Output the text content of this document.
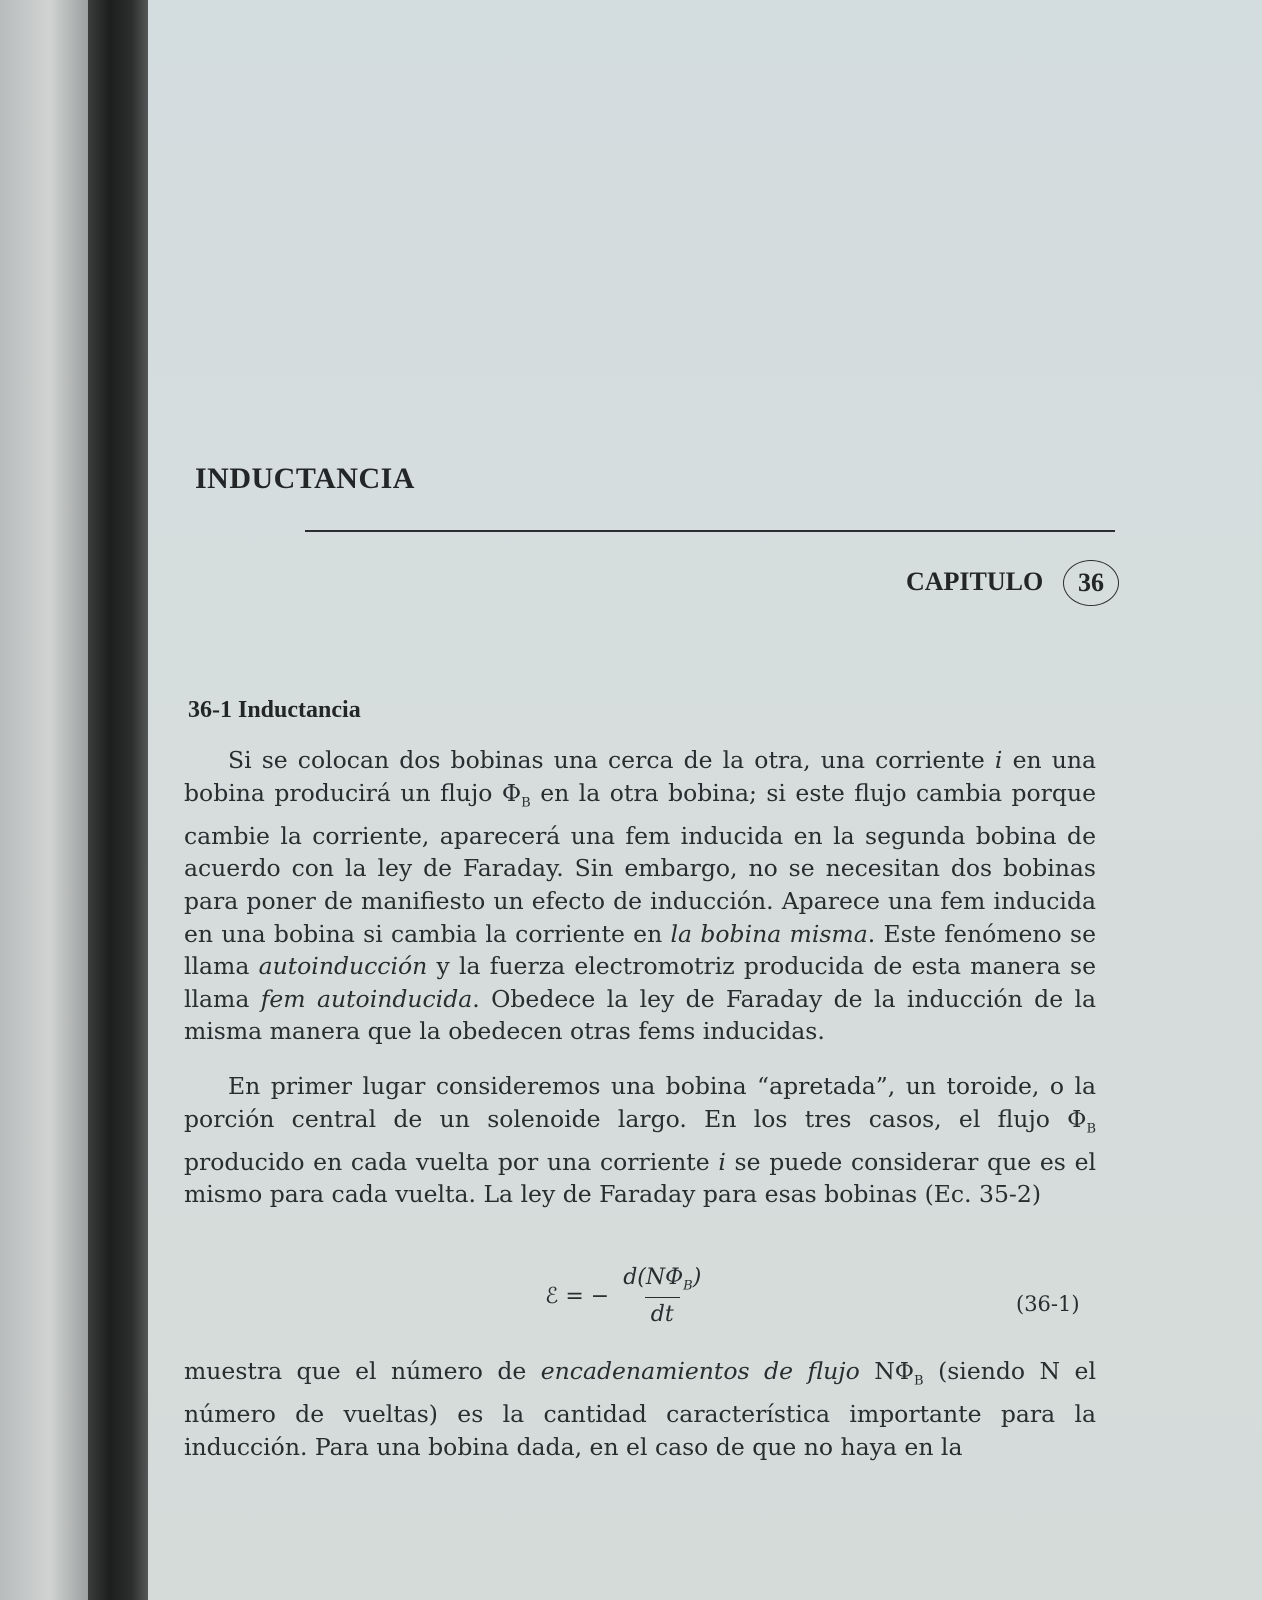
INDUCTANCIA
CAPITULO	36
36-1 Inductancia

Si se colocan dos bobinas una cerca de la otra, una corriente i en una bobina producirá un flujo $\Phi_B$ en la otra bobina; si este flujo cambia porque cambie la corriente, aparecerá una fem inducida en la segunda bobina de acuerdo con la ley de Faraday. Sin embargo, no se necesitan dos bobinas para poner de manifiesto un efecto de inducción. Aparece una fem inducida en una bobina si cambia la corriente en la bobina misma. Este fenómeno se llama autoinducción y la fuerza electromotriz producida de esta manera se llama fem autoinducida. Obedece la ley de Faraday de la inducción de la misma manera que la obedecen otras fems inducidas.

En primer lugar consideremos una bobina “apretada”, un toroide, o la porción central de un solenoide largo. En los tres casos, el flujo $\Phi_B$ producido en cada vuelta por una corriente i se puede considerar que es el mismo para cada vuelta. La ley de Faraday para esas bobinas (Ec. 35-2)

ℰ = − $\frac{d(N\Phi_B)}{dt}$	(36-1)

muestra que el número de encadenamientos de flujo $N\Phi_B$ (siendo N el número de vueltas) es la cantidad característica importante para la inducción. Para una bobina dada, en el caso de que no haya en la
